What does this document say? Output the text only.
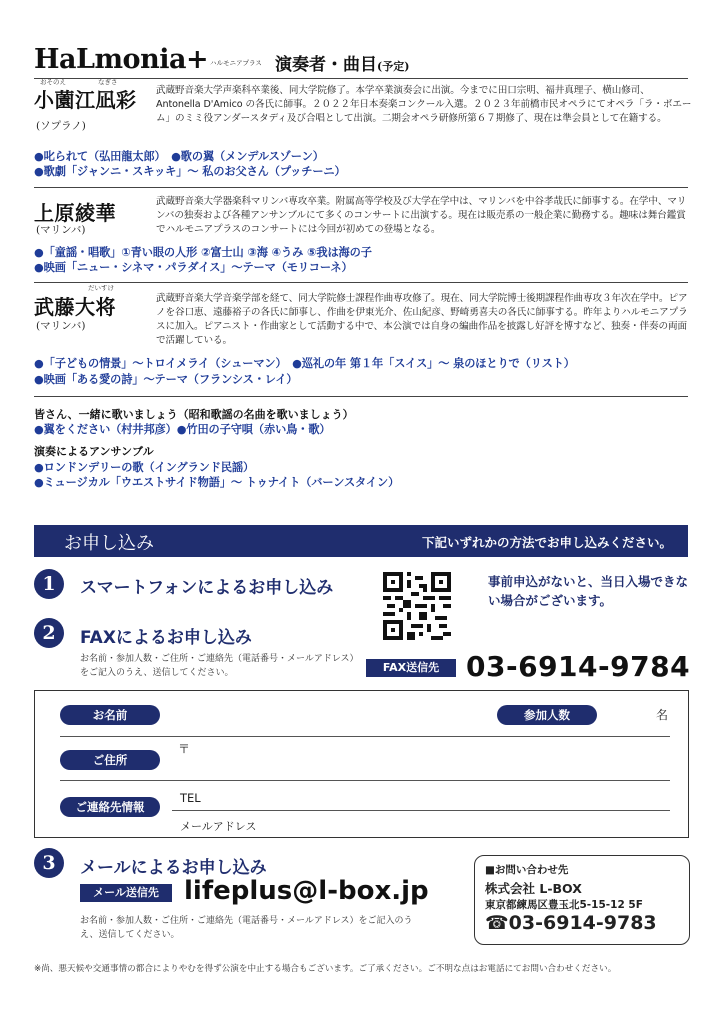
HaLmonia+ ハルモニアプラス 演奏者・曲目(予定)
おそのえ	なぎさ
小薗江凪彩
(ソプラノ)
武蔵野音楽大学声楽科卒業後、同大学院修了。本学卒業演奏会に出演。今までに田口宗明、福井真理子、横山修司、Antonella D'Amico の各氏に師事。２０２２年日本奏楽コンクール入選。２０２３年前橋市民オペラにてオペラ「ラ・ボエーム」のミミ役アンダースタディ及び合唱として出演。二期会オペラ研修所第６７期修了、現在は準会員として在籍する。
●叱られて（弘田龍太郎）　●歌の翼（メンデルスゾーン）
●歌劇「ジャンニ・スキッキ」～ 私のお父さん（プッチーニ）
上原綾華
(マリンバ)
武蔵野音楽大学器楽科マリンバ専攻卒業。附属高等学校及び大学在学中は、マリンバを中谷孝哉氏に師事する。在学中、マリンバの独奏および各種アンサンブルにて多くのコンサートに出演する。現在は販売系の一般企業に勤務する。趣味は舞台鑑賞でハルモニアプラスのコンサートには今回が初めての登場となる。
●「童謡・唱歌」①青い眼の人形 ②富士山 ③海 ④うみ ⑤我は海の子
●映画「ニュー・シネマ・パラダイス」～テーマ（モリコーネ）
だいすけ
武藤大将
(マリンバ)
武蔵野音楽大学音楽学部を経て、同大学院修士課程作曲専攻修了。現在、同大学院博士後期課程作曲専攻３年次在学中。ピアノを谷口恵、遠藤裕子の各氏に師事し、作曲を伊東光介、佐山紀彦、野崎勇喜夫の各氏に師事する。昨年よりハルモニアプラスに加入。ピアニスト・作曲家として活動する中で、本公演では自身の編曲作品を披露し好評を博すなど、独奏・伴奏の両面で活躍している。
●「子どもの情景」～トロイメライ（シューマン）　●巡礼の年 第１年「スイス」～ 泉のほとりで（リスト）
●映画「ある愛の詩」～テーマ（フランシス・レイ）
皆さん、一緒に歌いましょう（昭和歌謡の名曲を歌いましょう）
●翼をください（村井邦彦）●竹田の子守唄（赤い鳥・歌）
演奏によるアンサンブル
●ロンドンデリーの歌（イングランド民謡）
●ミュージカル「ウエストサイド物語」～ トゥナイト（バーンスタイン）
お申し込み	下記いずれかの方法でお申し込みください。
1	スマートフォンによるお申し込み	事前申込がないと、当日入場できない場合がございます。
2	FAXによるお申し込み
お名前・参加人数・ご住所・ご連絡先（電話番号・メールアドレス）をご記入のうえ、送信してください。	FAX送信先 03-6914-9784
お名前	参加人数	名
ご住所
〒
ご連絡先情報
TEL
メールアドレス
3	メールによるお申し込み
メール送信先 lifeplus@l-box.jp
お名前・参加人数・ご住所・ご連絡先（電話番号・メールアドレス）をご記入のうえ、送信してください。
■お問い合わせ先
株式会社 L-BOX
東京都練馬区豊玉北5-15-12 5F
☎03-6914-9783
※尚、悪天候や交通事情の都合によりやむを得ず公演を中止する場合もございます。ご了承ください。ご不明な点はお電話にてお問い合わせください。
